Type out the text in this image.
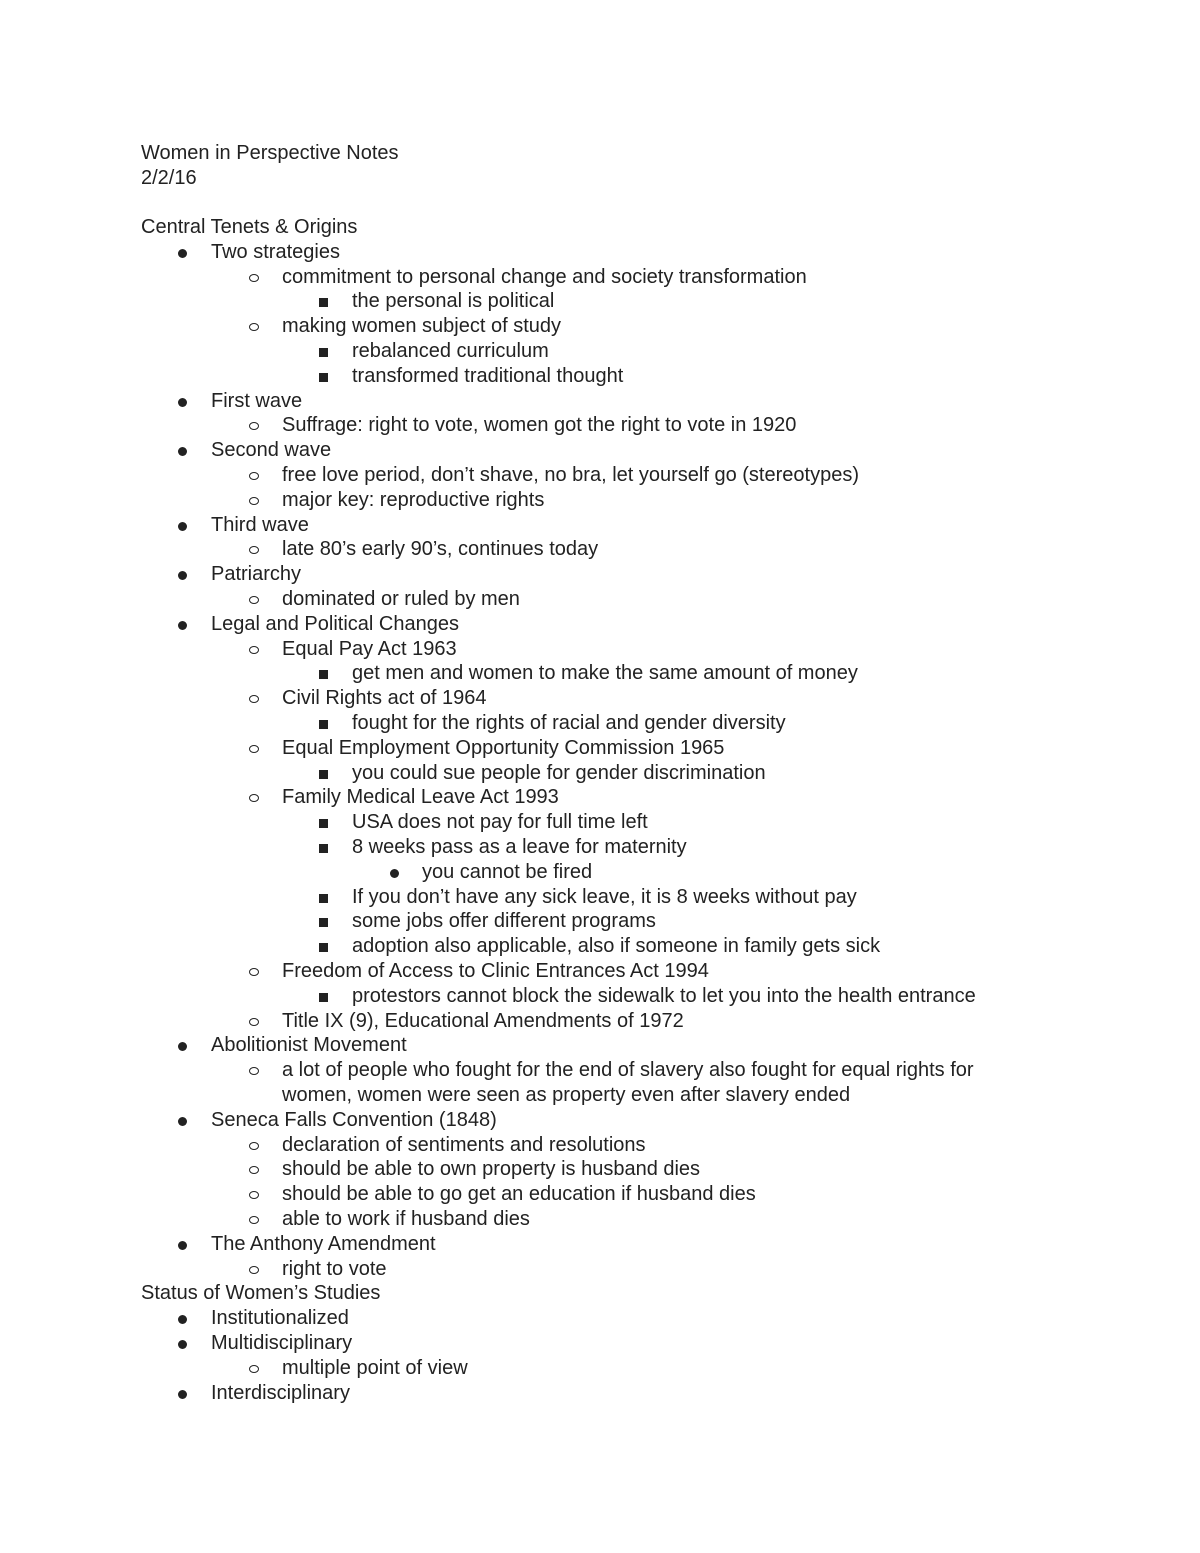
Women in Perspective Notes
2/2/16
Central Tenets & Origins
Two strategies
commitment to personal change and society transformation
the personal is political
making women subject of study
rebalanced curriculum
transformed traditional thought
First wave
Suffrage: right to vote, women got the right to vote in 1920
Second wave
free love period, don’t shave, no bra, let yourself go (stereotypes)
major key: reproductive rights
Third wave
late 80’s early 90’s, continues today
Patriarchy
dominated or ruled by men
Legal and Political Changes
Equal Pay Act 1963
get men and women to make the same amount of money
Civil Rights act of 1964
fought for the rights of racial and gender diversity
Equal Employment Opportunity Commission 1965
you could sue people for gender discrimination
Family Medical Leave Act 1993
USA does not pay for full time left
8 weeks pass as a leave for maternity
you cannot be fired
If you don’t have any sick leave, it is 8 weeks without pay
some jobs offer different programs
adoption also applicable, also if someone in family gets sick
Freedom of Access to Clinic Entrances Act 1994
protestors cannot block the sidewalk to let you into the health entrance
Title IX (9), Educational Amendments of 1972
Abolitionist Movement
a lot of people who fought for the end of slavery also fought for equal rights for
women, women were seen as property even after slavery ended
Seneca Falls Convention (1848)
declaration of sentiments and resolutions
should be able to own property is husband dies
should be able to go get an education if husband dies
able to work if husband dies
The Anthony Amendment
right to vote
Status of Women’s Studies
Institutionalized
Multidisciplinary
multiple point of view
Interdisciplinary
